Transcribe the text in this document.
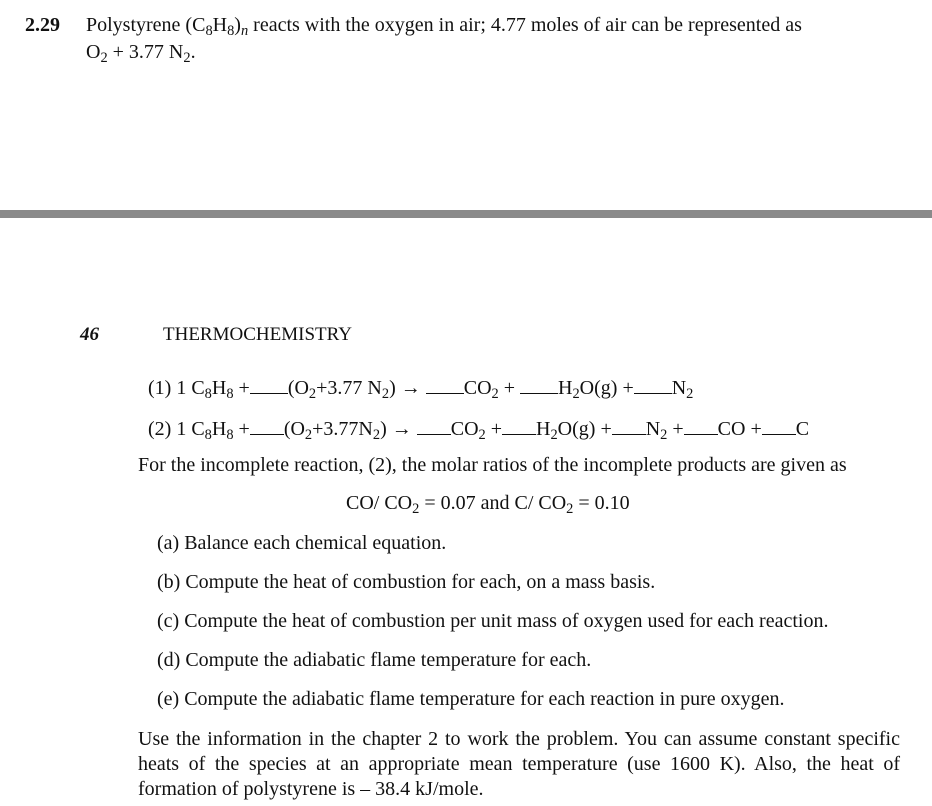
2.29 Polystyrene $(C_8H_8)_n$ reacts with the oxygen in air; 4.77 moles of air can be represented as
$O_2 + 3.77$ $N_2$.
46	THERMOCHEMISTRY
(1) 1 $C_8H_8 + (O_2+3.77$ $N_2) \to CO_2 + H_2O(g) + N_2$
(2) 1 $C_8H_8 + (O_2+3.77N_2) \to CO_2 + H_2O(g) + N_2$ + CO + C
For the incomplete reaction, (2), the molar ratios of the incomplete products are given as
CO/ $CO_2 = 0.07$ and C/ $CO_2 = 0.10$
(a) Balance each chemical equation.
(b) Compute the heat of combustion for each, on a mass basis.
(c) Compute the heat of combustion per unit mass of oxygen used for each reaction.
(d) Compute the adiabatic flame temperature for each.
(e) Compute the adiabatic flame temperature for each reaction in pure oxygen.
Use the information in the chapter 2 to work the problem. You can assume constant specific heats of the species at an appropriate mean temperature (use 1600 K). Also, the heat of formation of polystyrene is – 38.4 kJ/mole.
